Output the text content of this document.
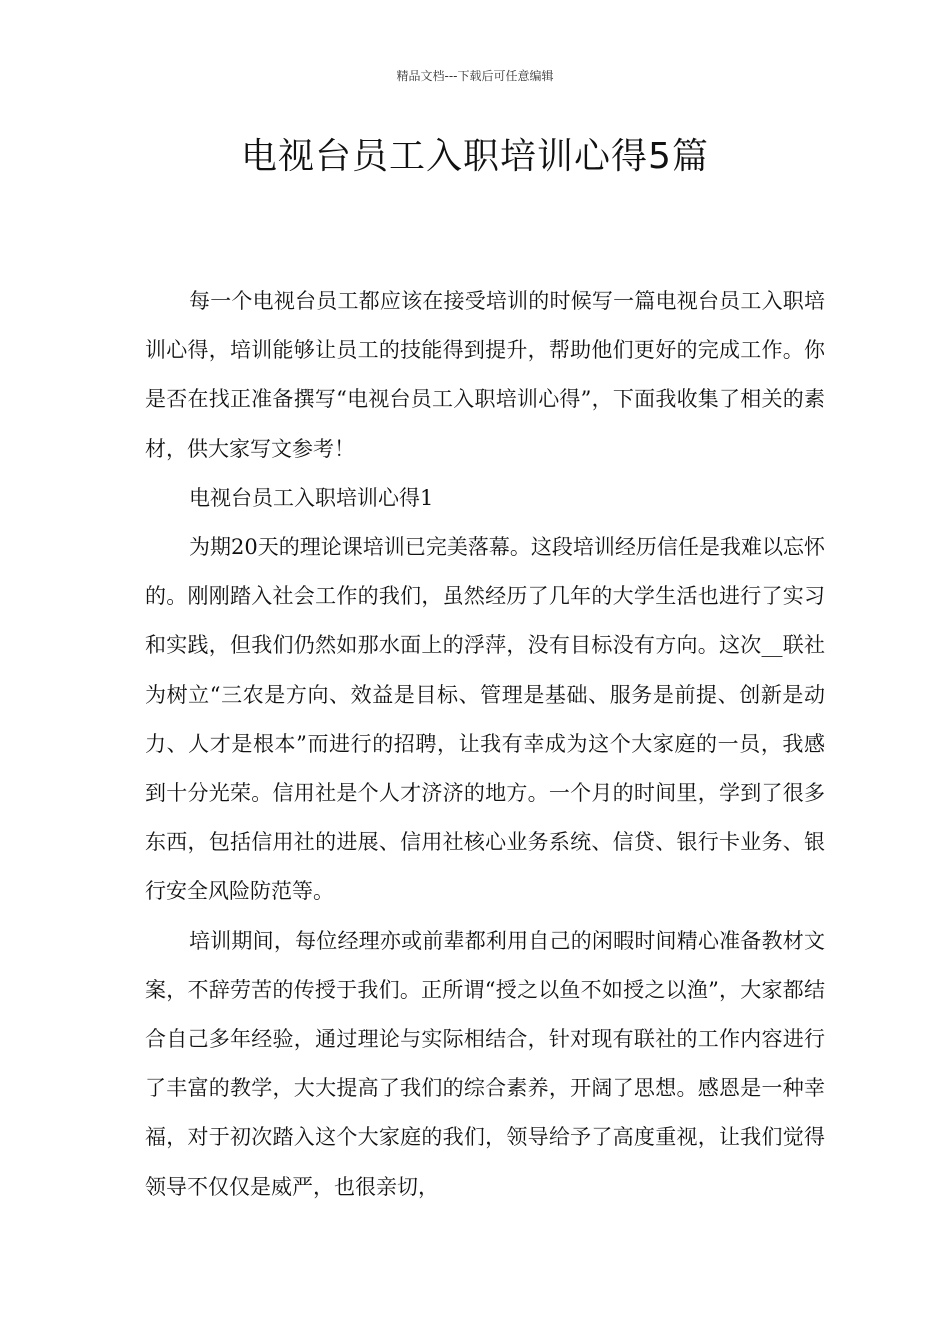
精品文档---下载后可任意编辑
电视台员工入职培训心得5篇

每一个电视台员工都应该在接受培训的时候写一篇电视台员工入职培训心得，培训能够让员工的技能得到提升，帮助他们更好的完成工作。你是否在找正准备撰写“电视台员工入职培训心得”，下面我收集了相关的素材，供大家写文参考！

电视台员工入职培训心得1

为期20天的理论课培训已完美落幕。这段培训经历信任是我难以忘怀的。刚刚踏入社会工作的我们，虽然经历了几年的大学生活也进行了实习和实践，但我们仍然如那水面上的浮萍，没有目标没有方向。这次__联社为树立“三农是方向、效益是目标、管理是基础、服务是前提、创新是动力、人才是根本”而进行的招聘，让我有幸成为这个大家庭的一员，我感到十分光荣。信用社是个人才济济的地方。一个月的时间里，学到了很多东西，包括信用社的进展、信用社核心业务系统、信贷、银行卡业务、银行安全风险防范等。

培训期间，每位经理亦或前辈都利用自己的闲暇时间精心准备教材文案，不辞劳苦的传授于我们。正所谓“授之以鱼不如授之以渔”，大家都结合自己多年经验，通过理论与实际相结合，针对现有联社的工作内容进行了丰富的教学，大大提高了我们的综合素养，开阔了思想。感恩是一种幸福，对于初次踏入这个大家庭的我们，领导给予了高度重视，让我们觉得领导不仅仅是威严，也很亲切，
